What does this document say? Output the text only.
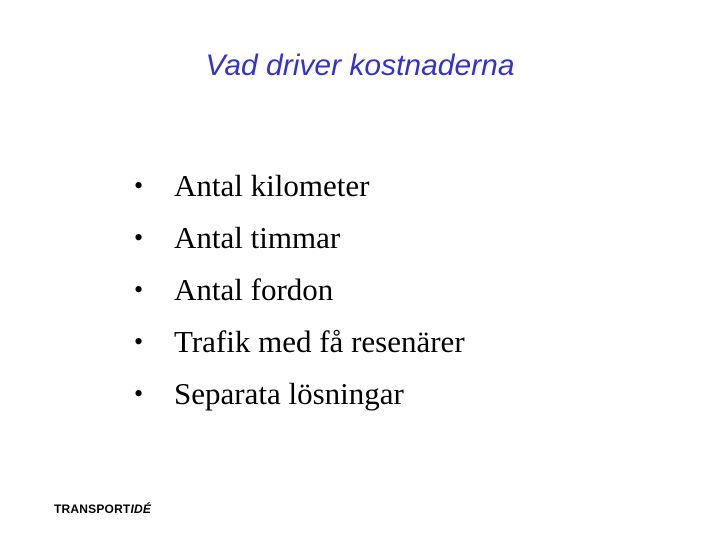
Vad driver kostnaderna
• Antal kilometer
• Antal timmar
• Antal fordon
• Trafik med få resenärer
• Separata lösningar
TRANSPORTIDÉ
